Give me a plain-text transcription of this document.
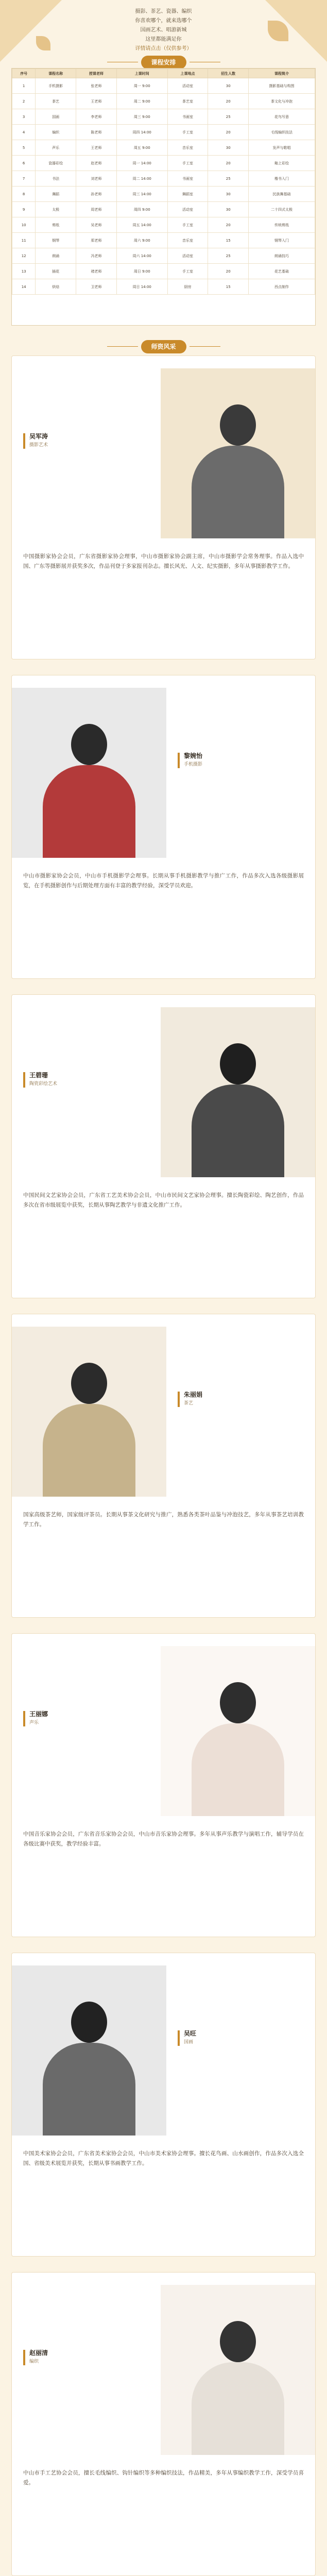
摄影、茶艺、瓷器、编织
你喜欢哪个，就来选哪个
国画艺术、唱游新城
这里都能满足你
详情请点击（仅供参考）
课程安排
序号	课程名称	授课老师	上课时间	上课地点	招生人数	课程简介
1	手机摄影	张老师	周一 9:00	活动室	30	摄影基础与构图
2	茶艺	王老师	周二 9:00	茶艺室	20	茶文化与冲泡
3	国画	李老师	周三 9:00	书画室	25	花鸟写意
4	编织	陈老师	周四 14:00	手工室	20	毛线编织技法
5	声乐	王老师	周五 9:00	音乐室	30	发声与歌唱
6	瓷器彩绘	赵老师	周一 14:00	手工室	20	釉上彩绘
7	书法	刘老师	周二 14:00	书画室	25	楷书入门
8	舞蹈	孙老师	周三 14:00	舞蹈室	30	民族舞基础
9	太极	周老师	周四 9:00	活动室	30	二十四式太极
10	剪纸	吴老师	周五 14:00	手工室	20	传统剪纸
11	钢琴	郑老师	周六 9:00	音乐室	15	钢琴入门
12	朗诵	冯老师	周六 14:00	活动室	25	朗诵技巧
13	插花	褚老师	周日 9:00	手工室	20	花艺基础
14	烘焙	卫老师	周日 14:00	厨房	15	西点制作
师资风采
吴军涛
摄影艺术
中国摄影家协会会员，广东省摄影家协会理事，中山市摄影家协会副主席，中山市摄影学会常务理事。作品入选中国、广东等摄影展并获奖多次，作品刊登于多家报刊杂志。擅长风光、人文、纪实摄影，多年从事摄影教学工作。
黎婉怡
手机摄影
中山市摄影家协会会员，中山市手机摄影学会理事。长期从事手机摄影教学与推广工作，作品多次入选各级摄影展览，在手机摄影创作与后期处理方面有丰富的教学经验，深受学员欢迎。
王碧珊
陶瓷彩绘艺术
中国民间文艺家协会会员，广东省工艺美术协会会员，中山市民间文艺家协会理事。擅长陶瓷彩绘、陶艺创作，作品多次在省市级展览中获奖，长期从事陶艺教学与非遗文化推广工作。
朱丽娟
茶艺
国家高级茶艺师，国家级评茶员。长期从事茶文化研究与推广，熟悉各类茶叶品鉴与冲泡技艺，多年从事茶艺培训教学工作。
王丽娜
声乐
中国音乐家协会会员，广东省音乐家协会会员，中山市音乐家协会理事。多年从事声乐教学与演唱工作，辅导学员在各级比赛中获奖，教学经验丰富。
吴旺
国画
中国美术家协会会员，广东省美术家协会会员，中山市美术家协会理事。擅长花鸟画、山水画创作，作品多次入选全国、省级美术展览并获奖，长期从事书画教学工作。
赵丽清
编织
中山市手工艺协会会员，擅长毛线编织、钩针编织等多种编织技法，作品精美，多年从事编织教学工作，深受学员喜爱。
